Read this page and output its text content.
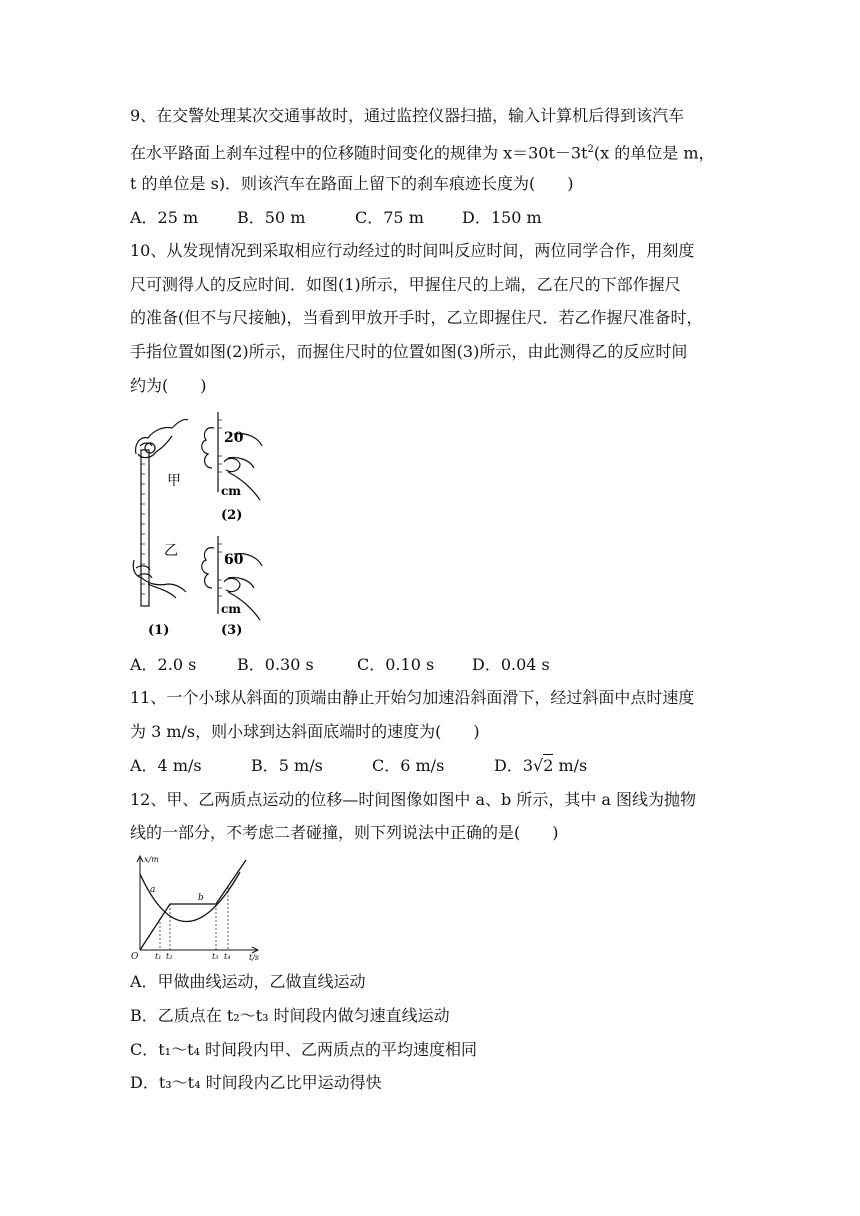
9、在交警处理某次交通事故时，通过监控仪器扫描，输入计算机后得到该汽车
在水平路面上刹车过程中的位移随时间变化的规律为 $x=30t-3t^2(x$ 的单位是 m，
t 的单位是 s)．则该汽车在路面上留下的刹车痕迹长度为(　　)
A．25 m B．50 m	C．75 m D．150 m
10、从发现情况到采取相应行动经过的时间叫反应时间，两位同学合作，用刻度
尺可测得人的反应时间．如图(1)所示，甲握住尺的上端，乙在尺的下部作握尺
的准备(但不与尺接触)，当看到甲放开手时，乙立即握住尺．若乙作握尺准备时，
手指位置如图(2)所示，而握住尺时的位置如图(3)所示，由此测得乙的反应时间
约为(　　)
甲
乙
(1)
20
cm
(2)
60
cm
(3)
A．2.0 s	B．0.30 s	C．0.10 s D．0.04 s
11、一个小球从斜面的顶端由静止开始匀加速沿斜面滑下，经过斜面中点时速度
为 3 m/s，则小球到达斜面底端时的速度为(　　)
A．4 m/s	B．5 m/s	C．6 m/s	D．3√2 m/s
12、甲、乙两质点运动的位移—时间图像如图中 a、b 所示，其中 a 图线为抛物
线的一部分，不考虑二者碰撞，则下列说法中正确的是(　　)
x/m
t/s
O
a
b
t₁ t₂	t₃ t₄
A．甲做曲线运动，乙做直线运动
B．乙质点在 t₂～t₃ 时间段内做匀速直线运动
C．t₁～t₄ 时间段内甲、乙两质点的平均速度相同
D．t₃～t₄ 时间段内乙比甲运动得快
